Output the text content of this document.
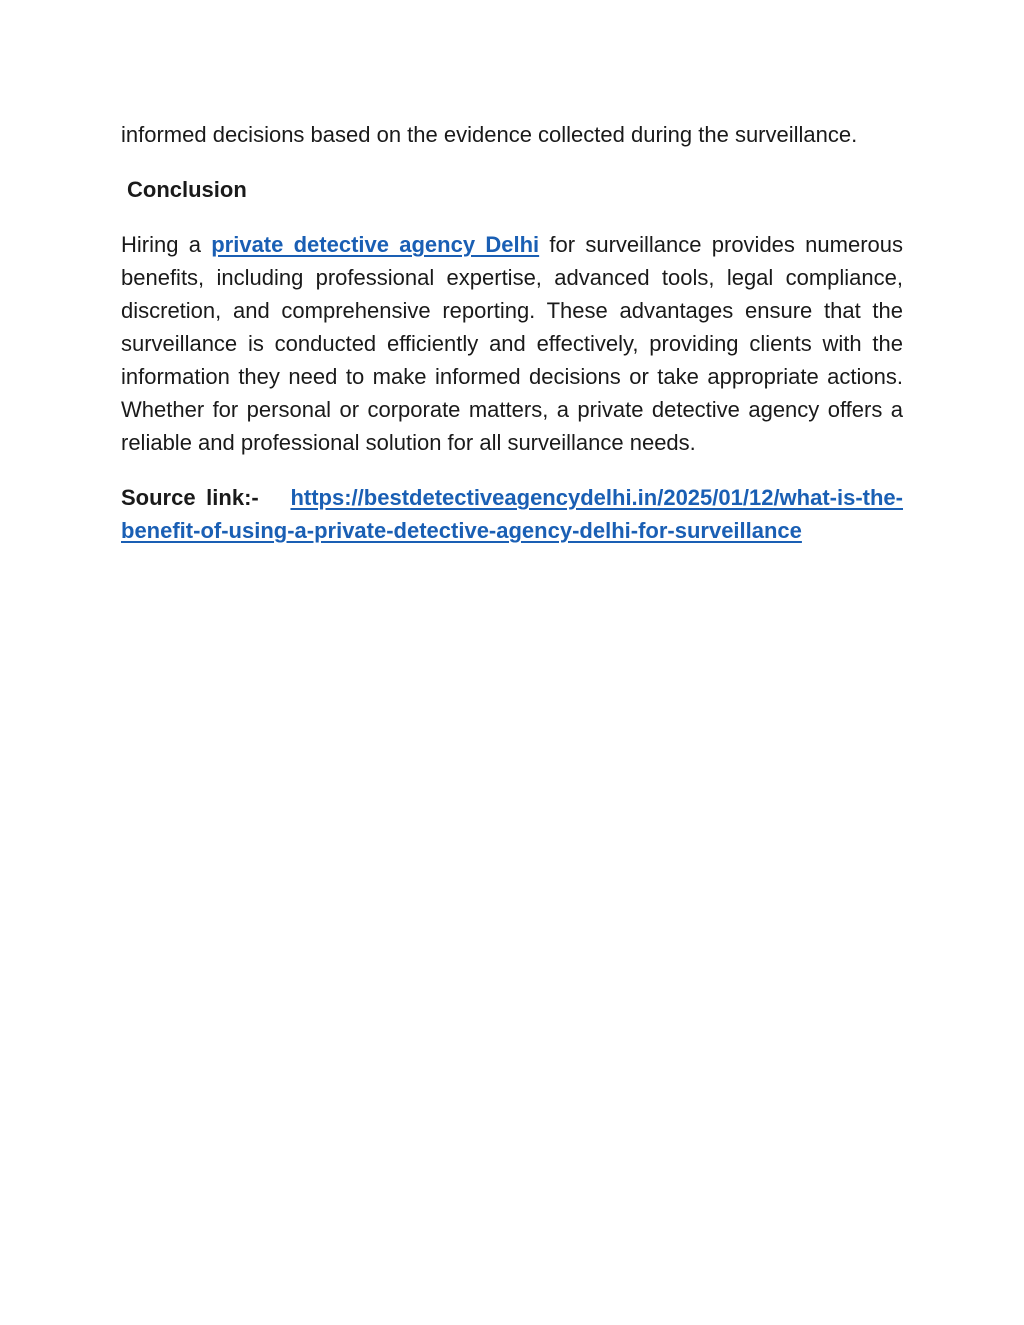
informed decisions based on the evidence collected during the surveillance.

Conclusion

Hiring a private detective agency Delhi for surveillance provides numerous benefits, including professional expertise, advanced tools, legal compliance, discretion, and comprehensive reporting. These advantages ensure that the surveillance is conducted efficiently and effectively, providing clients with the information they need to make informed decisions or take appropriate actions. Whether for personal or corporate matters, a private detective agency offers a reliable and professional solution for all surveillance needs.

Source link:- https://bestdetectiveagencydelhi.in/2025/01/12/what-is-the-benefit-of-using-a-private-detective-agency-delhi-for-surveillance
